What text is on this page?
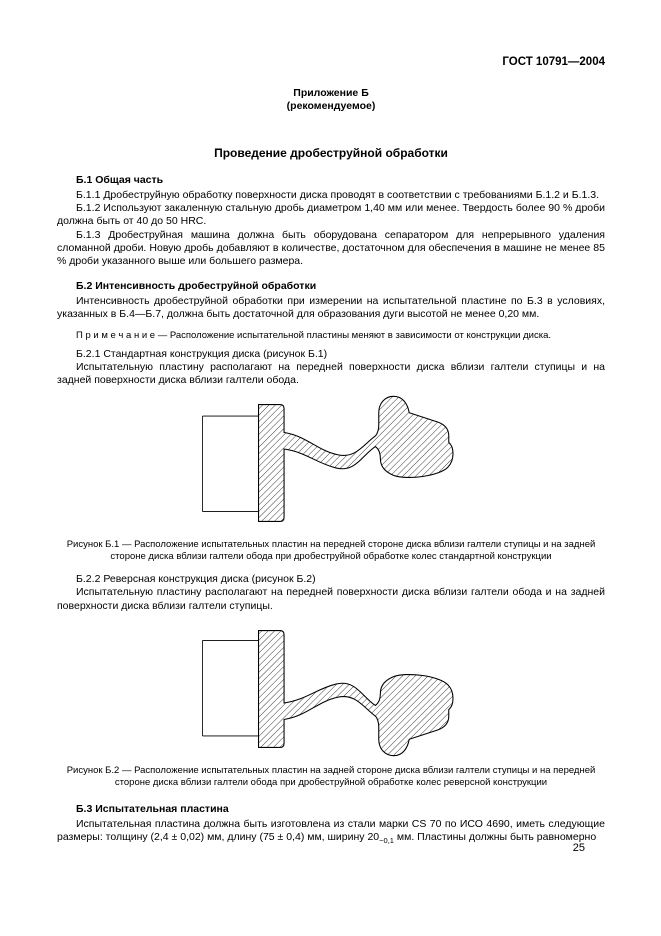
ГОСТ 10791—2004
Приложение Б
(рекомендуемое)
Проведение дробеструйной обработки
Б.1 Общая часть

Б.1.1 Дробеструйную обработку поверхности диска проводят в соответствии с требованиями Б.1.2 и Б.1.3.

Б.1.2 Используют закаленную стальную дробь диаметром 1,40 мм или менее. Твердость более 90 % дроби должна быть от 40 до 50 HRC.

Б.1.3 Дробеструйная машина должна быть оборудована сепаратором для непрерывного удаления сломанной дроби. Новую дробь добавляют в количестве, достаточном для обеспечения в машине не менее 85 % дроби указанного выше или большего размера.

Б.2 Интенсивность дробеструйной обработки

Интенсивность дробеструйной обработки при измерении на испытательной пластине по Б.3 в условиях, указанных в Б.4—Б.7, должна быть достаточной для образования дуги высотой не менее 0,20 мм.

П р и м е ч а н и е — Расположение испытательной пластины меняют в зависимости от конструкции диска.

Б.2.1 Стандартная конструкция диска (рисунок Б.1)

Испытательную пластину располагают на передней поверхности диска вблизи галтели ступицы и на задней поверхности диска вблизи галтели обода.

Рисунок Б.1 — Расположение испытательных пластин на передней стороне диска вблизи галтели ступицы и на задней стороне диска вблизи галтели обода при дробеструйной обработке колес стандартной конструкции

Б.2.2 Реверсная конструкция диска (рисунок Б.2)

Испытательную пластину располагают на передней поверхности диска вблизи галтели обода и на задней поверхности диска вблизи галтели ступицы.

Рисунок Б.2 — Расположение испытательных пластин на задней стороне диска вблизи галтели ступицы и на передней стороне диска вблизи галтели обода при дробеструйной обработке колес реверсной конструкции
Б.3 Испытательная пластина

Испытательная пластина должна быть изготовлена из стали марки CS 70 по ИСО 4690, иметь следующие размеры: толщину (2,4 ± 0,02) мм, длину (75 ± 0,4) мм, ширину $20_{-0,1}$ мм. Пластины должны быть равномерно

25
